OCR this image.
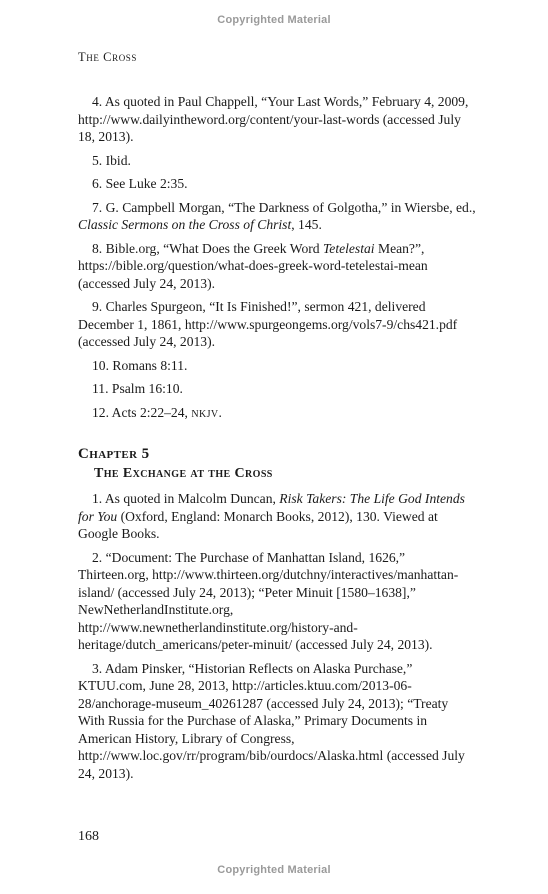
Copyrighted Material
The Cross

4. As quoted in Paul Chappell, “Your Last Words,” February 4, 2009, http://www.dailyintheword.org/content/your-last-words (accessed July 18, 2013).

5. Ibid.

6. See Luke 2:35.

7. G. Campbell Morgan, “The Darkness of Golgotha,” in Wiersbe, ed., Classic Sermons on the Cross of Christ, 145.

8. Bible.org, “What Does the Greek Word Tetelestai Mean?”, https://bible.org/question/what-does-greek-word-tetelestai-mean (accessed July 24, 2013).

9. Charles Spurgeon, “It Is Finished!”, sermon 421, delivered December 1, 1861, http://www.spurgeongems.org/vols7-9/chs421.pdf (accessed July 24, 2013).

10. Romans 8:11.

11. Psalm 16:10.

12. Acts 2:22–24, nkjv.

Chapter 5
The Exchange at the Cross

1. As quoted in Malcolm Duncan, Risk Takers: The Life God Intends for You (Oxford, England: Monarch Books, 2012), 130. Viewed at Google Books.

2. “Document: The Purchase of Manhattan Island, 1626,” Thirteen.org, http://www.thirteen.org/dutchny/interactives/manhattan-island/ (accessed July 24, 2013); “Peter Minuit [1580–1638],” NewNetherlandInstitute.org, http://www.newnetherlandinstitute.org/history-and-heritage/dutch_americans/peter-minuit/ (accessed July 24, 2013).

3. Adam Pinsker, “Historian Reflects on Alaska Purchase,” KTUU.com, June 28, 2013, http://articles.ktuu.com/2013-06-28/anchorage-museum_40261287 (accessed July 24, 2013); “Treaty With Russia for the Purchase of Alaska,” Primary Documents in American History, Library of Congress, http://www.loc.gov/rr/program/bib/ourdocs/Alaska.html (accessed July 24, 2013).

168
Copyrighted Material
